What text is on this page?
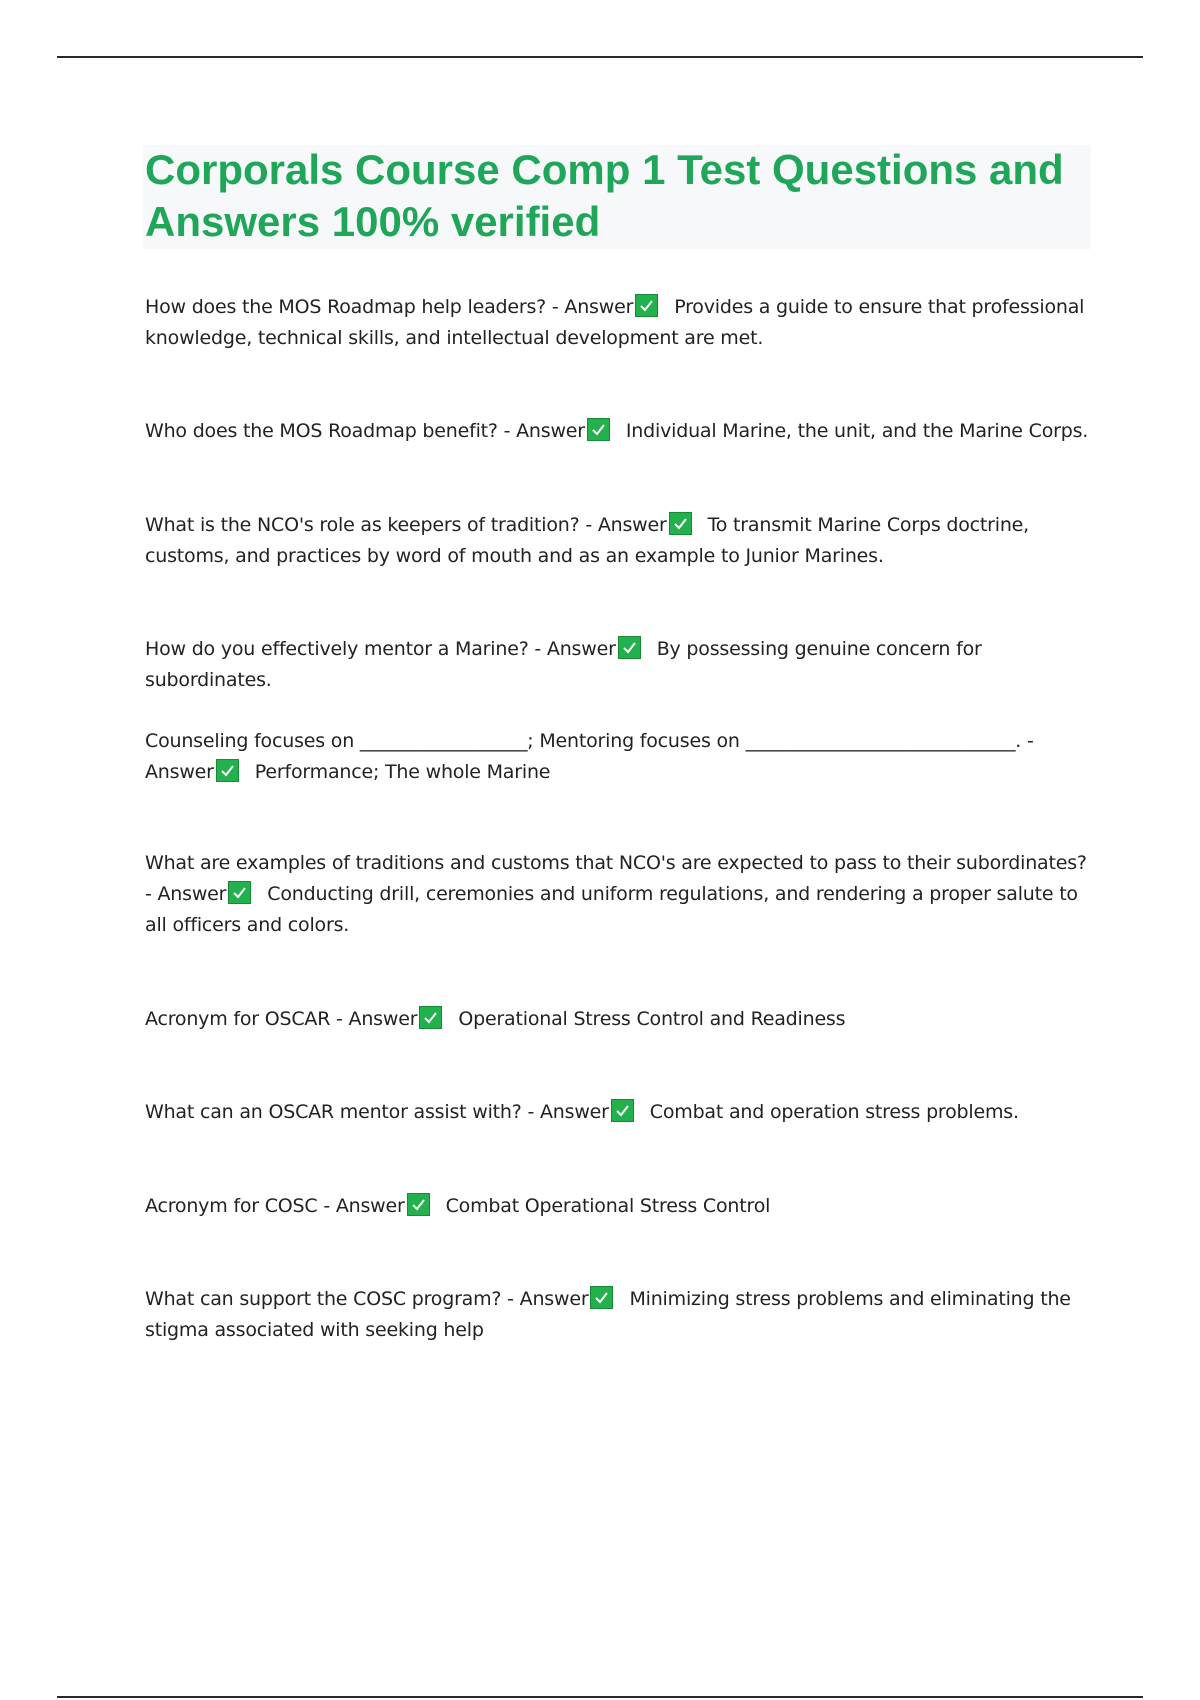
Corporals Course Comp 1 Test Questions and Answers 100% verified

How does the MOS Roadmap help leaders? - Answer Provides a guide to ensure that professional knowledge, technical skills, and intellectual development are met.

Who does the MOS Roadmap benefit? - Answer Individual Marine, the unit, and the Marine Corps.

What is the NCO's role as keepers of tradition? - Answer To transmit Marine Corps doctrine, customs, and practices by word of mouth and as an example to Junior Marines.

How do you effectively mentor a Marine? - Answer By possessing genuine concern for subordinates.

Counseling focuses on __________________; Mentoring focuses on _____________________________. - Answer Performance; The whole Marine

What are examples of traditions and customs that NCO's are expected to pass to their subordinates? - Answer Conducting drill, ceremonies and uniform regulations, and rendering a proper salute to all officers and colors.

Acronym for OSCAR - Answer Operational Stress Control and Readiness

What can an OSCAR mentor assist with? - Answer Combat and operation stress problems.

Acronym for COSC - Answer Combat Operational Stress Control

What can support the COSC program? - Answer Minimizing stress problems and eliminating the stigma associated with seeking help
